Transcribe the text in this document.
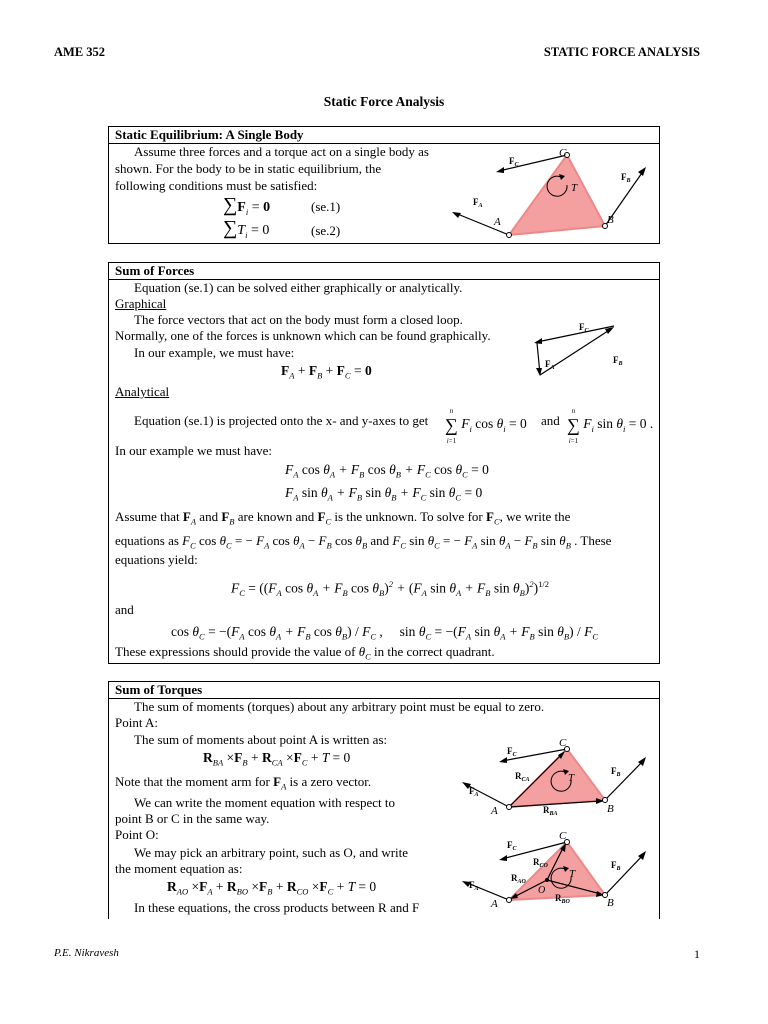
AME 352	STATIC FORCE ANALYSIS
Static Force Analysis
Static Equilibrium: A Single Body
Assume three forces and a torque act on a single body as
shown. For the body to be in static equilibrium, the
following conditions must be satisfied:
$\sum F_i = 0$	(se.1)
$\sum T_i = 0$	(se.2)
T
C
A	B
$F_C$
$F_A$
$F_B$
Sum of Forces
Equation (se.1) can be solved either graphically or analytically.
Graphical
The force vectors that act on the body must form a closed loop.
Normally, one of the forces is unknown which can be found graphically.
In our example, we must have:
$F_A + F_B + F_C = 0$
$F_C$
$F_A$
$F_B$
Analytical
Equation (se.1) is projected onto the x- and y-axes to get
n
∑
i=1 $F_i$ $\cos \theta_i = 0$ and
n
∑
i=1 $F_i$ $\sin \theta_i = 0$ .
In our example we must have:
$F_A$ $\cos \theta_A + F_B$ $\cos \theta_B + F_C$ $\cos \theta_C = 0$
$F_A$ $\sin \theta_A + F_B$ $\sin \theta_B + F_C$ $\sin \theta_C = 0$
Assume that $F_A$ and $F_B$ are known and $F_C$ is the unknown. To solve for $F_C$, we write the
equations as $F_C$ $\cos \theta_C$ = − $F_A$ $\cos \theta_A - F_B$ $\cos \theta_B$ and $F_C$ $\sin \theta_C$ = − $F_A$ $\sin \theta_A - F_B$ $\sin \theta_B$ . These
equations yield:
$F_C = ((F_A$ $\cos \theta_A + F_B$ $\cos \theta_B)^2 + (F_A$ $\sin \theta_A + F_B$ $\sin \theta_B)^2)^{1/2}$
and
$\cos \theta_C = -(F_A$ $\cos \theta_A + F_B$ $\cos \theta_B) / F_C$ ,     $\sin \theta_C = -(F_A$ $\sin \theta_A + F_B$ $\sin \theta_B) / F_C$
These expressions should provide the value of $\theta_C$ in the correct quadrant.
Sum of Torques
The sum of moments (torques) about any arbitrary point must be equal to zero.
Point A:
The sum of moments about point A is written as:
$R_{BA} \times F_B + R_{CA} \times F_C + T = 0$
Note that the moment arm for $F_A$ is a zero vector.
We can write the moment equation with respect to
point B or C in the same way.
Point O:
We may pick an arbitrary point, such as O, and write
the moment equation as:
$R_{AO} \times F_A + R_{BO} \times F_B + R_{CO} \times F_C + T = 0$
In these equations, the cross products between R and F
T
C
A	B
$F_C$
$F_A$
$F_B$
$R_{CA}$
$R_{BA}$
T
C
A	B
O
$F_C$
$F_A$
$F_B$
$R_{CO}$
$R_{AO}$
$R_{BO}$
P.E. Nikravesh	1
